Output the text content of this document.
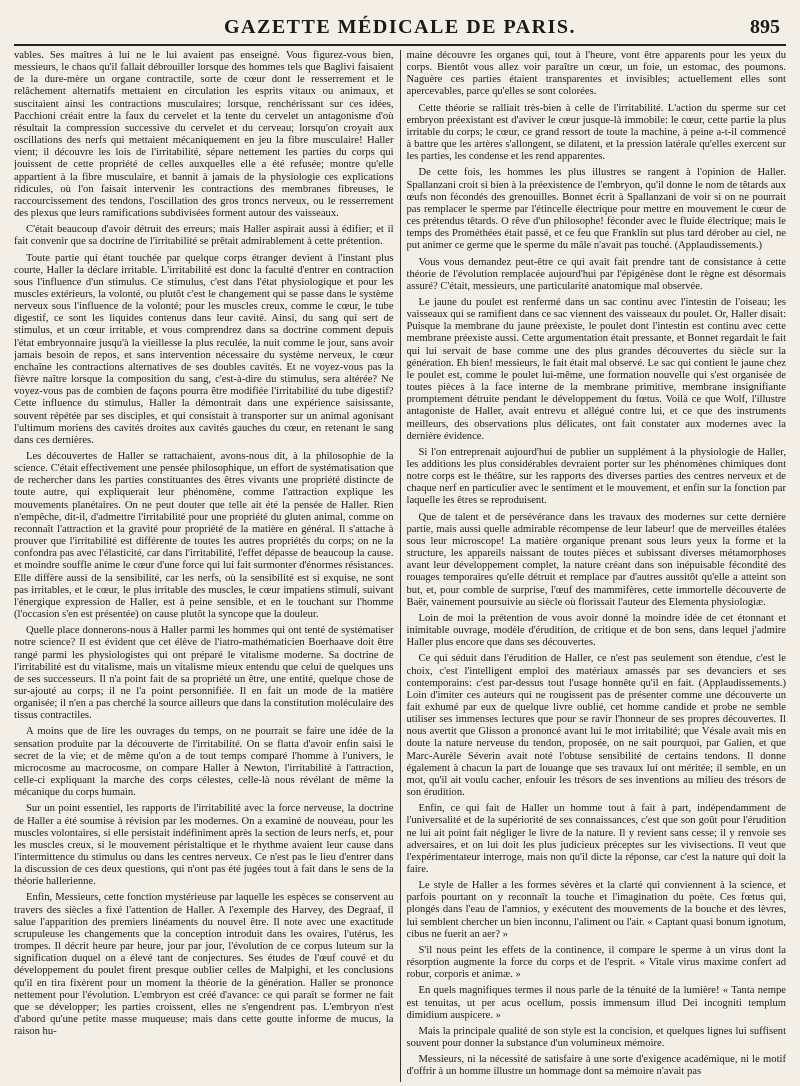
GAZETTE MÉDICALE DE PARIS.	895

vables. Ses maîtres à lui ne le lui avaient pas enseigné. Vous figurez-vous bien, messieurs, le chaos qu'il fallait débrouiller lorsque des hommes tels que Baglivi faisaient de la dure-mère un organe contractile, sorte de cœur dont le resserrement et le relâchement alternatifs mettaient en circulation les esprits vitaux ou animaux, et suscitaient ainsi les contractions musculaires; lorsque, renchérissant sur ces idées, Pacchioni créait entre la faux du cervelet et la tente du cervelet un antagonisme d'où résultait la compression successive du cervelet et du cerveau; lorsqu'on croyait aux oscillations des nerfs qui mettaient mécaniquement en jeu la fibre musculaire! Haller vient; il découvre les lois de l'irritabilité, sépare nettement les parties du corps qui jouissent de cette propriété de celles auxquelles elle a été refusée; montre qu'elle appartient à la fibre musculaire, et bannit à jamais de la physiologie ces explications ridicules, où l'on faisait intervenir les contractions des membranes fibreuses, le raccourcissement des tendons, l'oscillation des gros troncs nerveux, ou le resserrement des plexus que leurs ramifications subdivisées forment autour des vaisseaux.

C'était beaucoup d'avoir détruit des erreurs; mais Haller aspirait aussi à édifier; et il fait convenir que sa doctrine de l'irritabilité se prêtait admirablement à cette prétention.

Toute partie qui étant touchée par quelque corps étranger devient à l'instant plus courte, Haller la déclare irritable. L'irritabilité est donc la faculté d'entrer en contraction sous l'influence d'un stimulus. Ce stimulus, c'est dans l'état physiologique et pour les muscles extérieurs, la volonté, ou plutôt c'est le changement qui se passe dans le système nerveux sous l'influence de la volonté; pour les muscles creux, comme le cœur, le tube digestif, ce sont les liquides contenus dans leur cavité. Ainsi, du sang qui sert de stimulus, et un cœur irritable, et vous comprendrez dans sa doctrine comment depuis l'état embryonnaire jusqu'à la vieillesse la plus reculée, la nuit comme le jour, sans avoir jamais besoin de repos, et sans intervention nécessaire du système nerveux, le cœur enchaîne les contractions alternatives de ses doubles cavités. Et ne voyez-vous pas la fièvre naître lorsque la composition du sang, c'est-à-dire du stimulus, sera altérée? Ne voyez-vous pas de combien de façons pourra être modifiée l'irritabilité du tube digestif? Cette influence du stimulus, Haller la démontrait dans une expérience saisissante, souvent répétée par ses disciples, et qui consistait à transporter sur un animal agonisant l'ultimum moriens des cavités droites aux cavités gauches du cœur, en retenant le sang dans ces dernières.

Les découvertes de Haller se rattachaient, avons-nous dit, à la philosophie de la science. C'était effectivement une pensée philosophique, un effort de systématisation que de rechercher dans les parties constituantes des êtres vivants une propriété distincte de toute autre, qui expliquerait leur phénomène, comme l'attraction explique les mouvements planétaires. On ne peut douter que telle ait été la pensée de Haller. Rien n'empêche, dit-il, d'admettre l'irritabilité pour une propriété du gluten animal, comme on reconnaît l'attraction et la gravité pour propriété de la matière en général. Il s'attache à prouver que l'irritabilité est différente de toutes les autres propriétés du corps; on ne la confondra pas avec l'élasticité, car dans l'irritabilité, l'effet dépasse de beaucoup la cause. et moindre souffle anime le cœur d'une force qui lui fait surmonter d'énormes résistances. Elle diffère aussi de la sensibilité, car les nerfs, où la sensibilité est si exquise, ne sont pas irritables, et le cœur, le plus irritable des muscles, le cœur impatiens stimuli, suivant l'énergique expression de Haller, est à peine sensible, et en le touchant sur l'homme (l'occasion s'en est présentée) on cause plutôt la syncope que la douleur.

Quelle place donnerons-nous à Haller parmi les hommes qui ont tenté de systématiser notre science? Il est évident que cet élève de l'iatro-mathématicien Boerhaave doit être rangé parmi les physiologistes qui ont préparé le vitalisme moderne. Sa doctrine de l'irritabilité est du vitalisme, mais un vitalisme mieux entendu que celui de quelques uns de ses successeurs. Il n'a point fait de sa propriété un être, une entité, quelque chose de sur-ajouté au corps; il ne l'a point personnifiée. Il en fait un mode de la matière organisée; il n'en a pas cherché la source ailleurs que dans la constitution moléculaire des tissus contractiles.

A moins que de lire les ouvrages du temps, on ne pourrait se faire une idée de la sensation produite par la découverte de l'irritabilité. On se flatta d'avoir enfin saisi le secret de la vie; et de même qu'on a de tout temps comparé l'homme à l'univers, le microcosme au macrocosme, on compare Haller à Newton, l'irritabilité à l'attraction, celle-ci expliquant la marche des corps célestes, celle-là nous révélant de même la mécanique du corps humain.

Sur un point essentiel, les rapports de l'irritabilité avec la force nerveuse, la doctrine de Haller a été soumise à révision par les modernes. On a examiné de nouveau, pour les muscles volontaires, si elle persistait indéfiniment après la section de leurs nerfs, et, pour les muscles creux, si le mouvement péristaltique et le rhythme avaient leur cause dans l'intermittence du stimulus ou dans les centres nerveux. Ce n'est pas le lieu d'entrer dans la discussion de ces deux questions, qui n'ont pas été jugées tout à fait dans le sens de la théorie hallerienne.

Enfin, Messieurs, cette fonction mystérieuse par laquelle les espèces se conservent au travers des siècles a fixé l'attention de Haller. A l'exemple des Harvey, des Degraaf, il salue l'apparition des premiers linéaments du nouvel être. Il note avec une exactitude scrupuleuse les changements que la conception introduit dans les ovaires, l'utérus, les trompes. Il décrit heure par heure, jour par jour, l'évolution de ce corpus luteum sur la signification duquel on a élevé tant de conjectures. Ses études de l'œuf couvé et du développement du poulet firent presque oublier celles de Malpighi, et les conclusions qu'il en tira fixèrent pour un moment la théorie de la génération. Haller se prononce nettement pour l'évolution. L'embryon est créé d'avance: ce qui paraît se former ne fait que se développer; les parties croissent, elles ne s'engendrent pas. L'embryon n'est d'abord qu'une petite masse muqueuse; mais dans cette goutte informe de mucus, la raison hu-

maine découvre les organes qui, tout à l'heure, vont être apparents pour les yeux du corps. Bientôt vous allez voir paraître un cœur, un foie, un estomac, des poumons. Naguère ces parties étaient transparentes et invisibles; actuellement elles sont apercevables, parce qu'elles se sont colorées.

Cette théorie se ralliait très-bien à celle de l'irritabilité. L'action du sperme sur cet embryon préexistant est d'aviver le cœur jusque-là immobile: le cœur, cette partie la plus irritable du corps; le cœur, ce grand ressort de toute la machine, à peine a-t-il commencé à battre que les artères s'allongent, se dilatent, et la pression latérale qu'elles exercent sur les parties, les condense et les rend apparentes.

De cette fois, les hommes les plus illustres se rangent à l'opinion de Haller. Spallanzani croit si bien à la préexistence de l'embryon, qu'il donne le nom de têtards aux œufs non fécondés des grenouilles. Bonnet écrit à Spallanzani de voir si on ne pourrait pas remplacer le sperme par l'étincelle électrique pour mettre en mouvement le cœur de ces prétendus têtards. O rêve d'un philosophe! féconder avec le fluide électrique; mais le temps des Prométhées était passé, et ce feu que Franklin sut plus tard dérober au ciel, ne put animer ce germe que le sperme du mâle n'avait pas touché. (Applaudissements.)

Vous vous demandez peut-être ce qui avait fait prendre tant de consistance à cette théorie de l'évolution remplacée aujourd'hui par l'épigénèse dont le règne est désormais assuré? C'était, messieurs, une particularité anatomique mal observée.

Le jaune du poulet est renfermé dans un sac continu avec l'intestin de l'oiseau; les vaisseaux qui se ramifient dans ce sac viennent des vaisseaux du poulet. Or, Haller disait: Puisque la membrane du jaune préexiste, le poulet dont l'intestin est continu avec cette membrane préexiste aussi. Cette argumentation était pressante, et Bonnet regardait le fait qui lui servait de base comme une des plus grandes découvertes du siècle sur la génération. Eh bien! messieurs, le fait était mal observé. Le sac qui contient le jaune chez le poulet est, comme le poulet lui-même, une formation nouvelle qui s'est organisée de toutes pièces à la face interne de la membrane primitive, membrane insignifiante promptement détruite pendant le développement du fœtus. Voilà ce que Wolf, l'illustre antagoniste de Haller, avait entrevu et allégué contre lui, et ce que des instruments meilleurs, des observations plus délicates, ont fait constater aux modernes avec la dernière évidence.

Si l'on entreprenait aujourd'hui de publier un supplément à la physiologie de Haller, les additions les plus considérables devraient porter sur les phénomènes chimiques dont notre corps est le théâtre, sur les rapports des diverses parties des centres nerveux et de chaque nerf en particulier avec le sentiment et le mouvement, et enfin sur la fonction par laquelle les êtres se reproduisent.

Que de talent et de persévérance dans les travaux des modernes sur cette dernière partie, mais aussi quelle admirable récompense de leur labeur! que de merveilles étalées sous leur microscope! La matière organique prenant sous leurs yeux la forme et la structure, les appareils naissant de toutes pièces et subissant diverses métamorphoses avant leur développement complet, la nature créant dans son inépuisable fécondité des rouages temporaires qu'elle détruit et remplace par d'autres aussitôt qu'elle a atteint son but, et, pour comble de surprise, l'œuf des mammifères, cette immortelle découverte de Baër, vainement poursuivie au siècle où florissait l'auteur des Elementa physiologiæ.

Loin de moi la prétention de vous avoir donné la moindre idée de cet étonnant et inimitable ouvrage, modèle d'érudition, de critique et de bon sens, dans lequel j'admire Haller plus encore que dans ses découvertes.

Ce qui séduit dans l'érudition de Haller, ce n'est pas seulement son étendue, c'est le choix, c'est l'intelligent emploi des matériaux amassés par ses devanciers et ses contemporains: c'est par-dessus tout l'usage honnête qu'il en fait. (Applaudissements.) Loin d'imiter ces auteurs qui ne rougissent pas de présenter comme une découverte un fait exhumé par eux de quelque livre oublié, cet homme candide et probe ne semble utiliser ses immenses lectures que pour se ravir l'honneur de ses propres découvertes. Il nous avertit que Glisson a prononcé avant lui le mot irritabilité; que Vésale avait mis en doute la nature nerveuse du tendon, proposée, on ne sait pourquoi, par Galien, et que Marc-Aurèle Séverin avait noté l'obtuse sensibilité de certains tendons. Il donne également à chacun la part de louange que ses travaux lui ont méritée; il semble, en un mot, qu'il ait voulu cacher, enfouir les trésors de ses inventions au milieu des trésors de son érudition.

Enfin, ce qui fait de Haller un homme tout à fait à part, indépendamment de l'universalité et de la supériorité de ses connaissances, c'est que son goût pour l'érudition ne lui ait point fait négliger le livre de la nature. Il y revient sans cesse; il y renvoie ses adversaires, et on lui doit les plus judicieux préceptes sur les vivisections. Il veut que l'expérimentateur interroge, mais non qu'il dicte la réponse, car c'est la nature qui doit la faire.

Le style de Haller a les formes sévères et la clarté qui conviennent à la science, et parfois pourtant on y reconnaît la touche et l'imagination du poète. Ces fœtus qui, plongés dans l'eau de l'amnios, y exécutent des mouvements de la bouche et des lèvres, lui semblent chercher un bien inconnu, l'aliment ou l'air. « Captant quasi bonum ignotum, cibus ne fuerit an aer? »

S'il nous peint les effets de la continence, il compare le sperme à un virus dont la résorption augmente la force du corps et de l'esprit. « Vitale virus maxime confert ad robur, corporis et animæ. »

En quels magnifiques termes il nous parle de la ténuité de la lumière! « Tanta nempe est tenuitas, ut per acus ocellum, possis immensum illud Dei incogniti templum dimidium auspicere. »

Mais la principale qualité de son style est la concision, et quelques lignes lui suffisent souvent pour donner la substance d'un volumineux mémoire.

Messieurs, ni la nécessité de satisfaire à une sorte d'exigence académique, ni le motif d'offrir à un homme illustre un hommage dont sa mémoire n'avait pas
